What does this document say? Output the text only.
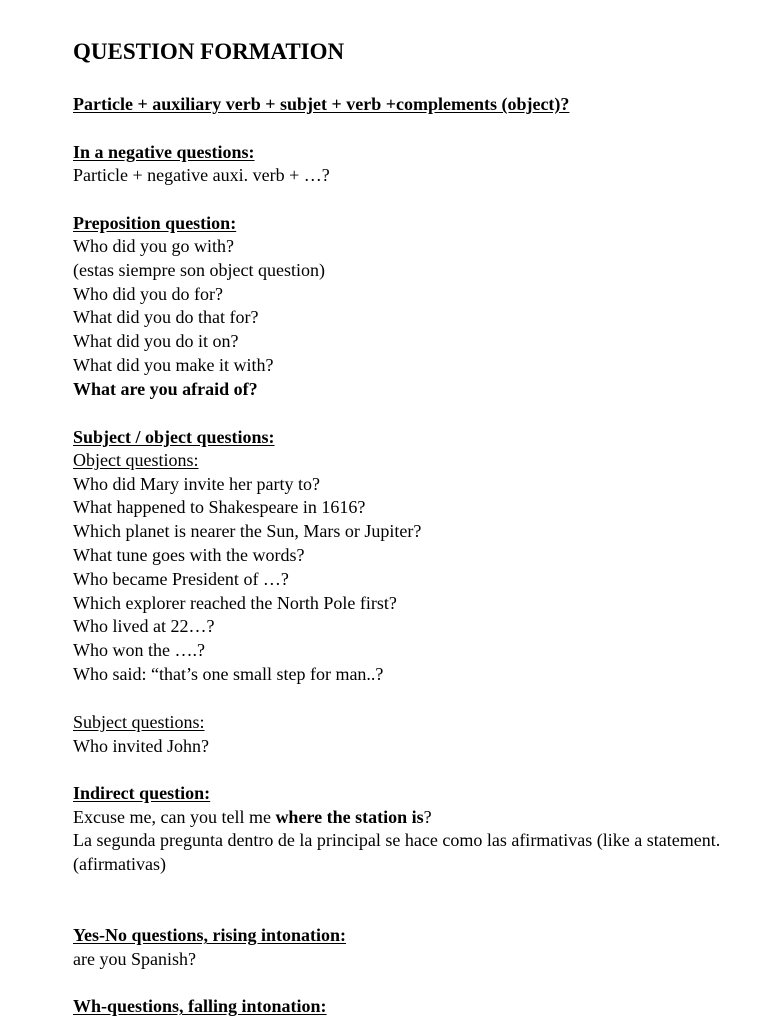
QUESTION FORMATION
Particle + auxiliary verb + subjet + verb +complements (object)?
In a negative questions:
Particle + negative auxi. verb + …?
Preposition question:
Who did you go with?
(estas siempre son object question)
Who did you do for?
What did you do that for?
What did you do it on?
What did you make it with?
What are you afraid of?
Subject / object questions:
Object questions:
Who did Mary invite her party to?
What happened to Shakespeare in 1616?
Which planet is nearer the Sun, Mars or Jupiter?
What tune goes with the words?
Who became President of …?
Which explorer reached the North Pole first?
Who lived at 22…?
Who won the ….?
Who said: “that’s one small step for man..?
Subject questions:
Who invited John?
Indirect question:
Excuse me, can you tell me where the station is?
La segunda pregunta dentro de la principal se hace como las afirmativas (like a statement. (afirmativas)
Yes-No questions, rising intonation:
are you Spanish?
Wh-questions, falling intonation:
